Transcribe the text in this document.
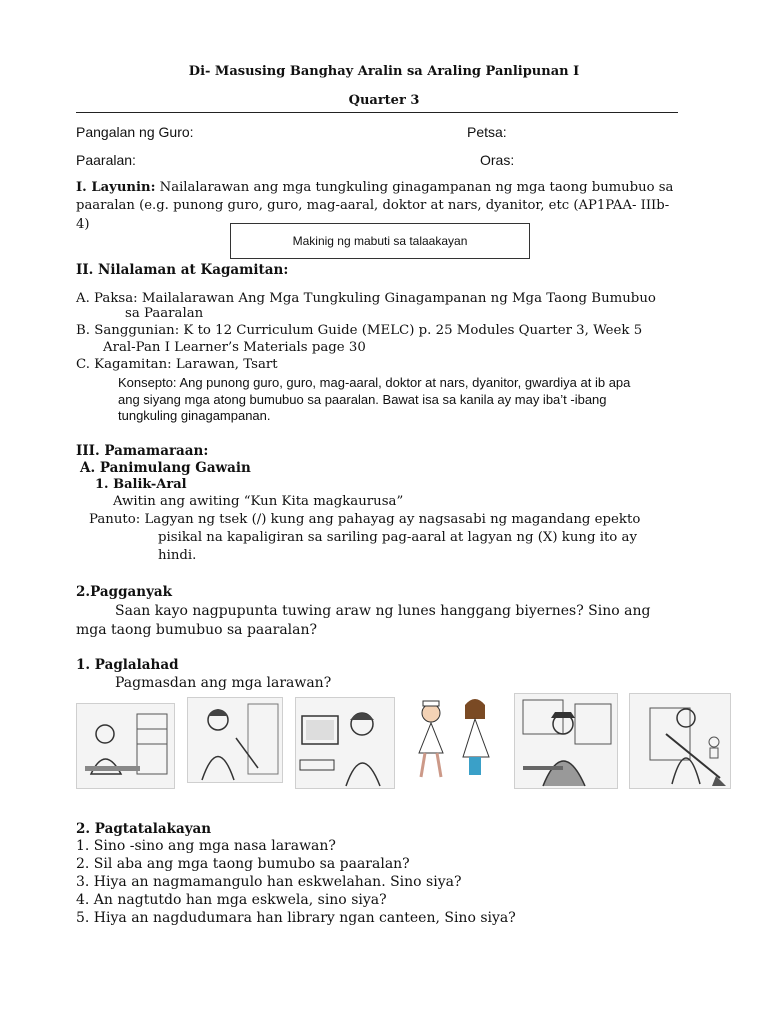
Di- Masusing Banghay Aralin sa Araling Panlipunan I
Quarter 3
Pangalan ng Guro:	Petsa:
Paaralan:	Oras:
I. Layunin: Nailalarawan ang mga tungkuling ginagampanan ng mga taong bumubuo sa
paaralan (e.g. punong guro, guro, mag-aaral, doktor at nars, dyanitor, etc (AP1PAA- IIIb-
4)
Makinig ng mabuti sa talaakayan
II. Nilalaman at Kagamitan:
A. Paksa: Mailalarawan Ang Mga Tungkuling Ginagampanan ng Mga Taong Bumubuo
sa Paaralan
B. Sanggunian: K to 12 Curriculum Guide (MELC) p. 25 Modules Quarter 3, Week 5
Aral-Pan I Learner’s Materials page 30
C. Kagamitan: Larawan, Tsart
Konsepto: Ang punong guro, guro, mag-aaral, doktor at nars, dyanitor, gwardiya at ib apa
ang siyang mga atong bumubuo sa paaralan. Bawat isa sa kanila ay may iba’t -ibang
tungkuling ginagampanan.
III. Pamamaraan:
A. Panimulang Gawain
1. Balik-Aral
Awitin ang awiting “Kun Kita magkaurusa”
Panuto: Lagyan ng tsek (/) kung ang pahayag ay nagsasabi ng magandang epekto
pisikal na kapaligiran sa sariling pag-aaral at lagyan ng (X) kung ito ay
hindi.
2.Pagganyak
Saan kayo nagpupunta tuwing araw ng lunes hanggang biyernes? Sino ang
mga taong bumubuo sa paaralan?
1. Paglalahad
Pagmasdan ang mga larawan?
2. Pagtatalakayan
1. Sino -sino ang mga nasa larawan?
2. Sil aba ang mga taong bumubo sa paaralan?
3. Hiya an nagmamangulo han eskwelahan. Sino siya?
4. An nagtutdo han mga eskwela, sino siya?
5. Hiya an nagdudumara han library ngan canteen, Sino siya?
